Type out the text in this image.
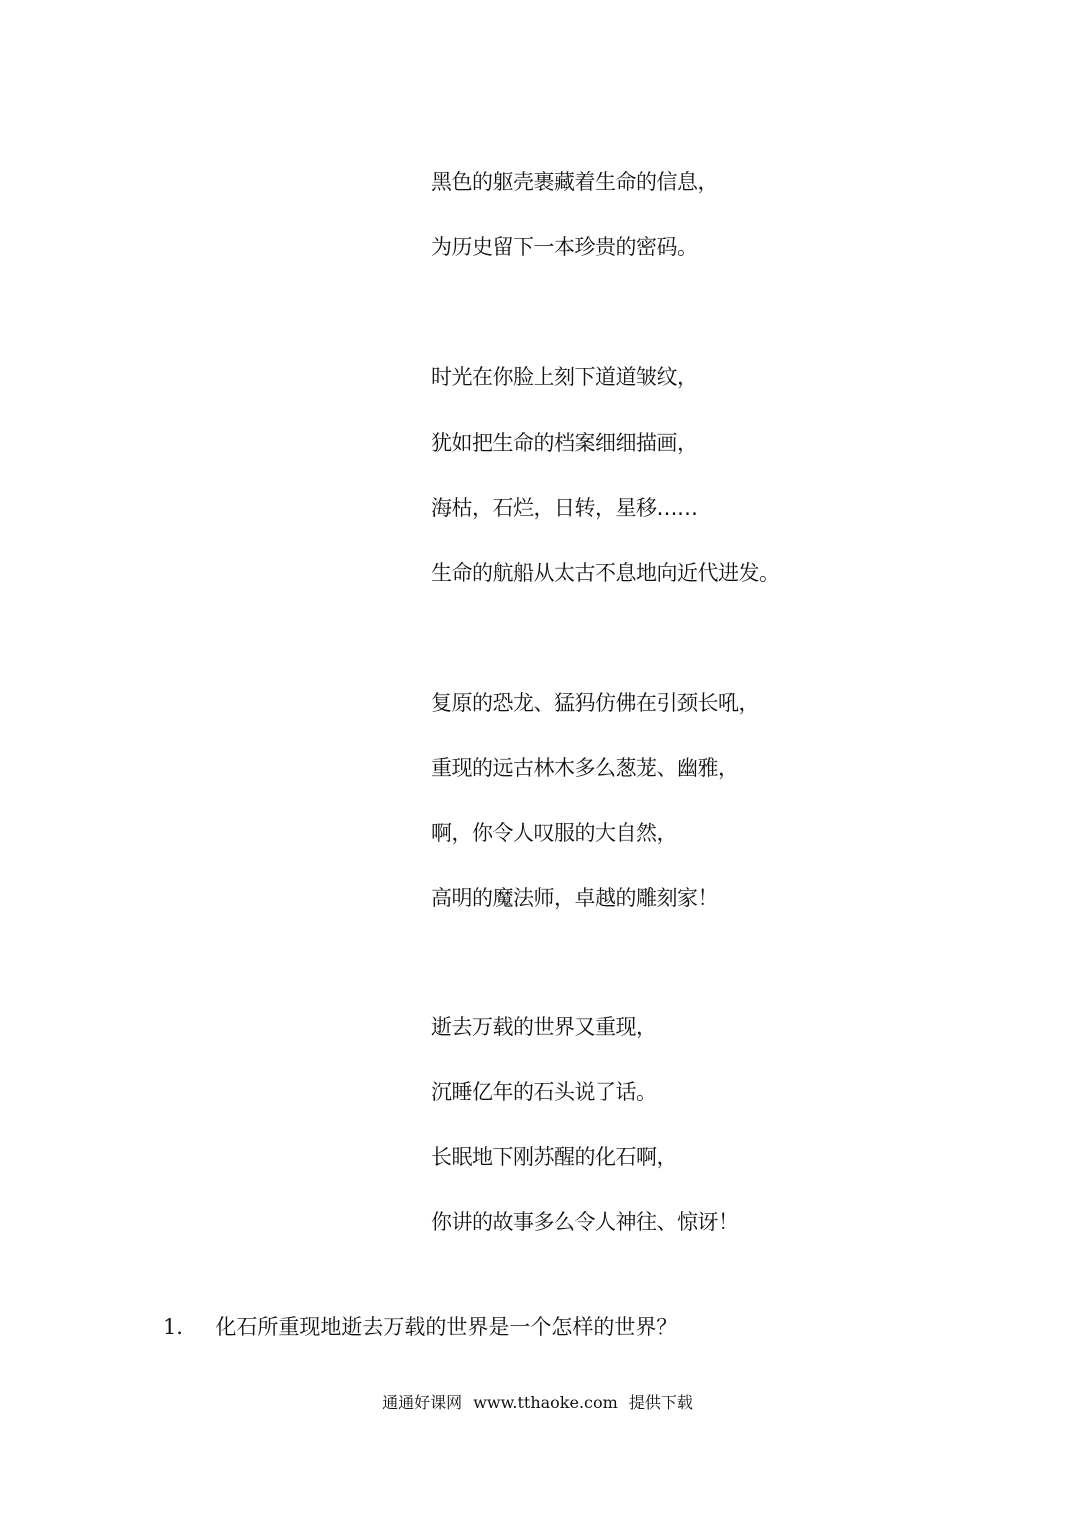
黑色的躯壳裹藏着生命的信息，
为历史留下一本珍贵的密码。
时光在你脸上刻下道道皱纹，
犹如把生命的档案细细描画，
海枯，石烂，日转，星移……
生命的航船从太古不息地向近代进发。
复原的恐龙、猛犸仿佛在引颈长吼，
重现的远古林木多么葱茏、幽雅，
啊，你令人叹服的大自然，
高明的魔法师，卓越的雕刻家！
逝去万载的世界又重现，
沉睡亿年的石头说了话。
长眠地下刚苏醒的化石啊，
你讲的故事多么令人神往、惊讶！
1． 化石所重现地逝去万载的世界是一个怎样的世界？
通通好课网 www.tthaoke.com 提供下载
